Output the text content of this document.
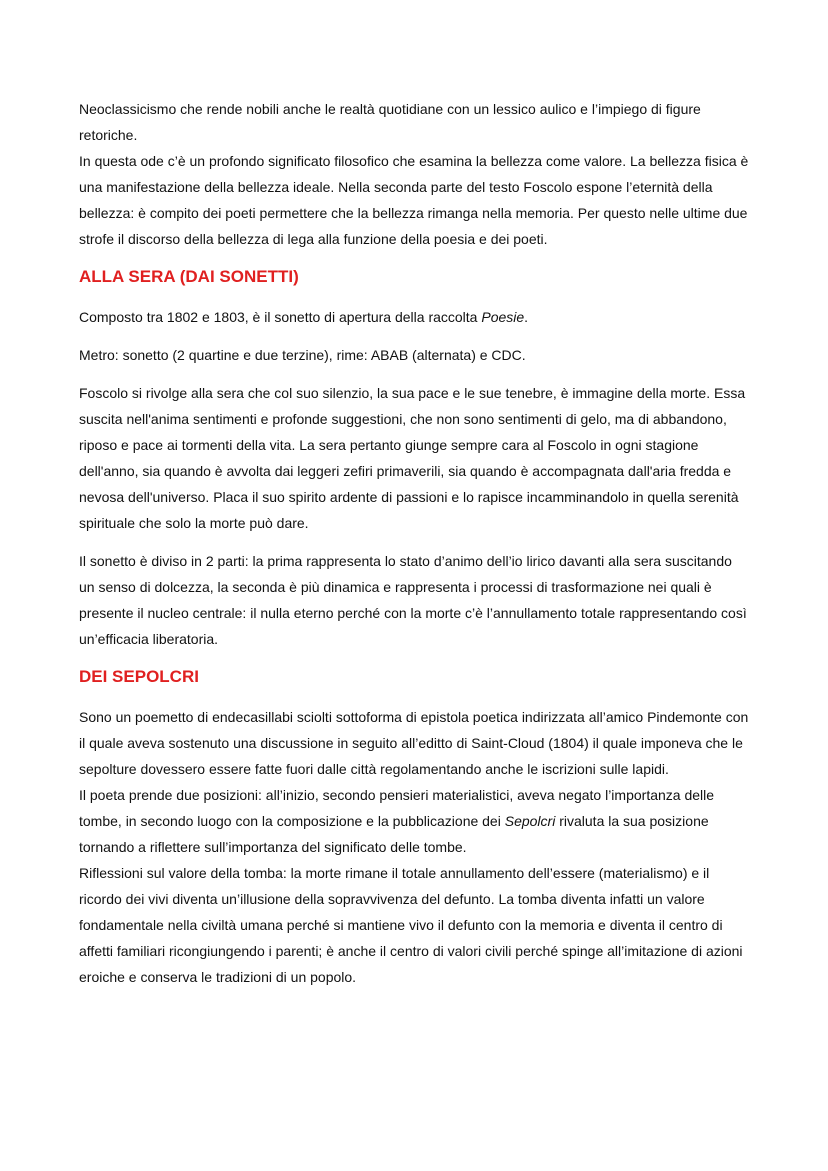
Neoclassicismo che rende nobili anche le realtà quotidiane con un lessico aulico e l’impiego di figure retoriche.

In questa ode c’è un profondo significato filosofico che esamina la bellezza come valore. La bellezza fisica è una manifestazione della bellezza ideale. Nella seconda parte del testo Foscolo espone l’eternità della bellezza: è compito dei poeti permettere che la bellezza rimanga nella memoria. Per questo nelle ultime due strofe il discorso della bellezza di lega alla funzione della poesia e dei poeti.

ALLA SERA (DAI SONETTI)

Composto tra 1802 e 1803, è il sonetto di apertura della raccolta Poesie.

Metro: sonetto (2 quartine e due terzine), rime: ABAB (alternata) e CDC.

Foscolo si rivolge alla sera che col suo silenzio, la sua pace e le sue tenebre, è immagine della morte. Essa suscita nell'anima sentimenti e profonde suggestioni, che non sono sentimenti di gelo, ma di abbandono, riposo e pace ai tormenti della vita. La sera pertanto giunge sempre cara al Foscolo in ogni stagione dell'anno, sia quando è avvolta dai leggeri zefiri primaverili, sia quando è accompagnata dall'aria fredda e nevosa dell'universo. Placa il suo spirito ardente di passioni e lo rapisce incamminandolo in quella serenità spirituale che solo la morte può dare.

Il sonetto è diviso in 2 parti: la prima rappresenta lo stato d’animo dell’io lirico davanti alla sera suscitando un senso di dolcezza, la seconda è più dinamica e rappresenta i processi di trasformazione nei quali è presente il nucleo centrale: il nulla eterno perché con la morte c’è l’annullamento totale rappresentando così un’efficacia liberatoria.

DEI SEPOLCRI

Sono un poemetto di endecasillabi sciolti sottoforma di epistola poetica indirizzata all’amico Pindemonte con il quale aveva sostenuto una discussione in seguito all’editto di Saint-Cloud (1804) il quale imponeva che le sepolture dovessero essere fatte fuori dalle città regolamentando anche le iscrizioni sulle lapidi.

Il poeta prende due posizioni: all’inizio, secondo pensieri materialistici, aveva negato l’importanza delle tombe, in secondo luogo con la composizione e la pubblicazione dei Sepolcri rivaluta la sua posizione tornando a riflettere sull’importanza del significato delle tombe.

Riflessioni sul valore della tomba: la morte rimane il totale annullamento dell’essere (materialismo) e il ricordo dei vivi diventa un’illusione della sopravvivenza del defunto. La tomba diventa infatti un valore fondamentale nella civiltà umana perché si mantiene vivo il defunto con la memoria e diventa il centro di affetti familiari ricongiungendo i parenti; è anche il centro di valori civili perché spinge all’imitazione di azioni eroiche e conserva le tradizioni di un popolo.
